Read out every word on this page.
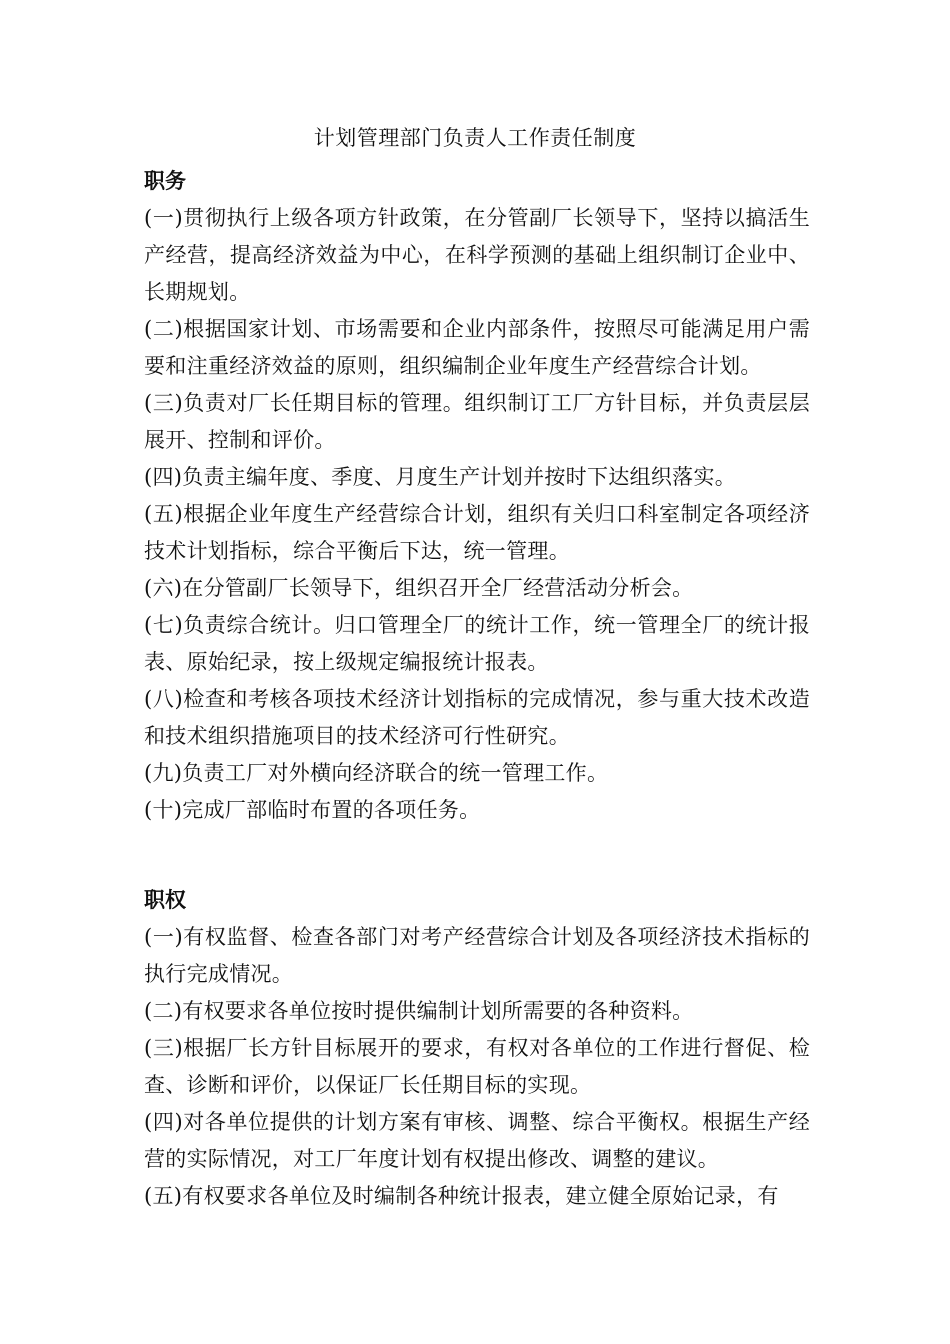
计划管理部门负责人工作责任制度
职务

(一)贯彻执行上级各项方针政策，在分管副厂长领导下，坚持以搞活生产经营，提高经济效益为中心，在科学预测的基础上组织制订企业中、长期规划。

(二)根据国家计划、市场需要和企业内部条件，按照尽可能满足用户需要和注重经济效益的原则，组织编制企业年度生产经营综合计划。

(三)负责对厂长任期目标的管理。组织制订工厂方针目标，并负责层层展开、控制和评价。

(四)负责主编年度、季度、月度生产计划并按时下达组织落实。

(五)根据企业年度生产经营综合计划，组织有关归口科室制定各项经济技术计划指标，综合平衡后下达，统一管理。

(六)在分管副厂长领导下，组织召开全厂经营活动分析会。

(七)负责综合统计。归口管理全厂的统计工作，统一管理全厂的统计报表、原始纪录，按上级规定编报统计报表。

(八)检查和考核各项技术经济计划指标的完成情况，参与重大技术改造和技术组织措施项目的技术经济可行性研究。

(九)负责工厂对外横向经济联合的统一管理工作。

(十)完成厂部临时布置的各项任务。

职权

(一)有权监督、检查各部门对考产经营综合计划及各项经济技术指标的执行完成情况。

(二)有权要求各单位按时提供编制计划所需要的各种资料。

(三)根据厂长方针目标展开的要求，有权对各单位的工作进行督促、检查、诊断和评价，以保证厂长任期目标的实现。

(四)对各单位提供的计划方案有审核、调整、综合平衡权。根据生产经营的实际情况，对工厂年度计划有权提出修改、调整的建议。

(五)有权要求各单位及时编制各种统计报表，建立健全原始记录，有
